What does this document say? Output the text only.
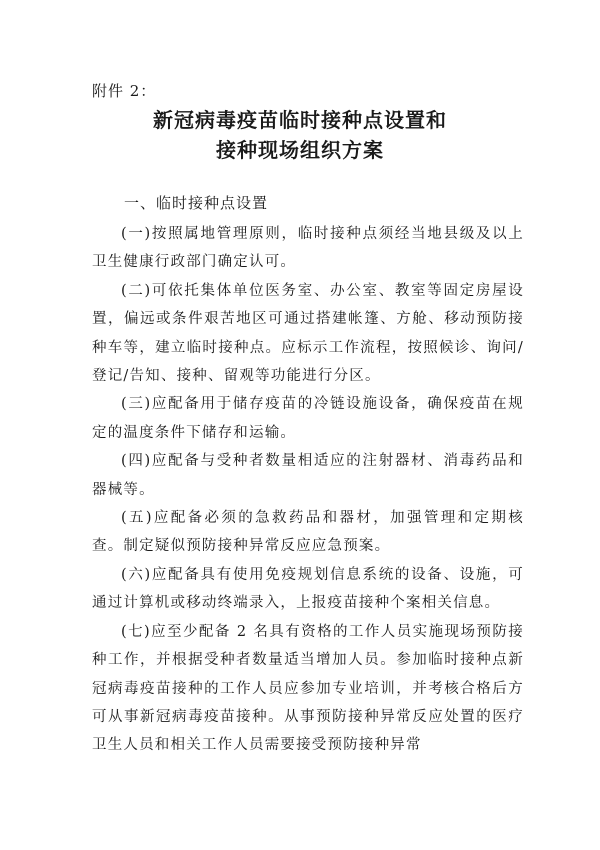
附件 2：
新冠病毒疫苗临时接种点设置和
接种现场组织方案
一、临时接种点设置

(一)按照属地管理原则，临时接种点须经当地县级及以上卫生健康行政部门确定认可。

(二)可依托集体单位医务室、办公室、教室等固定房屋设置，偏远或条件艰苦地区可通过搭建帐篷、方舱、移动预防接种车等，建立临时接种点。应标示工作流程，按照候诊、询问/登记/告知、接种、留观等功能进行分区。

(三)应配备用于储存疫苗的冷链设施设备，确保疫苗在规定的温度条件下储存和运输。

(四)应配备与受种者数量相适应的注射器材、消毒药品和器械等。

(五)应配备必须的急救药品和器材，加强管理和定期核查。制定疑似预防接种异常反应应急预案。

(六)应配备具有使用免疫规划信息系统的设备、设施，可通过计算机或移动终端录入，上报疫苗接种个案相关信息。

(七)应至少配备 2 名具有资格的工作人员实施现场预防接种工作，并根据受种者数量适当增加人员。参加临时接种点新冠病毒疫苗接种的工作人员应参加专业培训，并考核合格后方可从事新冠病毒疫苗接种。从事预防接种异常反应处置的医疗卫生人员和相关工作人员需要接受预防接种异常
